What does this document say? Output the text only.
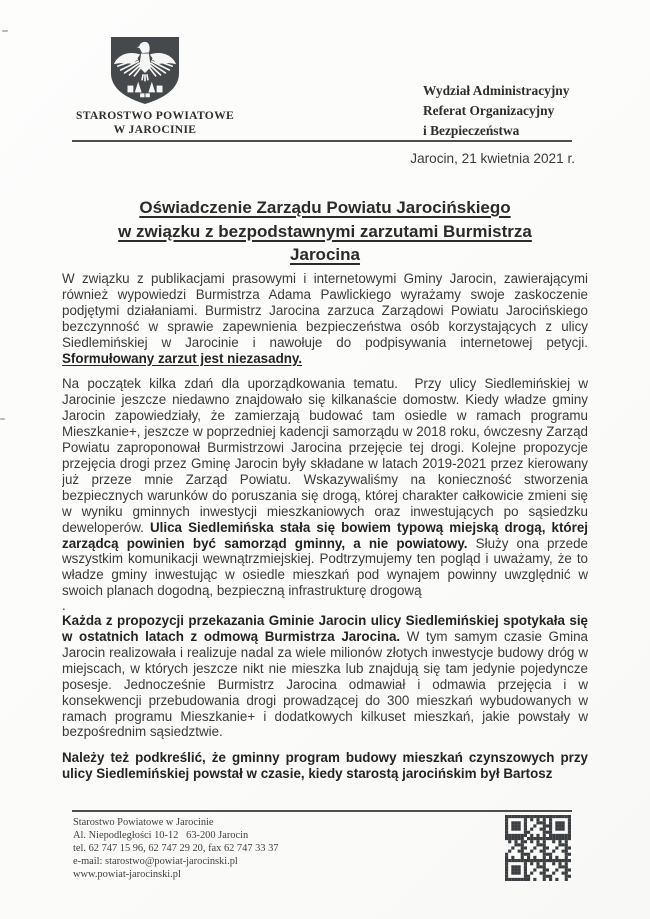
STAROSTWO POWIATOWE
W JAROCINIE
Wydział Administracyjny
Referat Organizacyjny
i Bezpieczeństwa
Jarocin, 21 kwietnia 2021 r.
Oświadczenie Zarządu Powiatu Jarocińskiego
w związku z bezpodstawnymi zarzutami Burmistrza
Jarocina

W związku z publikacjami prasowymi i internetowymi Gminy Jarocin, zawierającymi również wypowiedzi Burmistrza Adama Pawlickiego wyrażamy swoje zaskoczenie podjętymi działaniami. Burmistrz Jarocina zarzuca Zarządowi Powiatu Jarocińskiego bezczynność w sprawie zapewnienia bezpieczeństwa osób korzystających z ulicy Siedlemińskiej w Jarocinie i nawołuje do podpisywania internetowej petycji. Sformułowany zarzut jest niezasadny.

Na początek kilka zdań dla uporządkowania tematu.  Przy ulicy Siedlemińskiej w Jarocinie jeszcze niedawno znajdowało się kilkanaście domostw. Kiedy władze gminy Jarocin zapowiedziały, że zamierzają budować tam osiedle w ramach programu Mieszkanie+, jeszcze w poprzedniej kadencji samorządu w 2018 roku, ówczesny Zarząd Powiatu zaproponował Burmistrzowi Jarocina przejęcie tej drogi. Kolejne propozycje przejęcia drogi przez Gminę Jarocin były składane w latach 2019-2021 przez kierowany już przeze mnie Zarząd Powiatu. Wskazywaliśmy na konieczność stworzenia bezpiecznych warunków do poruszania się drogą, której charakter całkowicie zmieni się w wyniku gminnych inwestycji mieszkaniowych oraz inwestujących po sąsiedzku deweloperów. Ulica Siedlemińska stała się bowiem typową miejską drogą, której zarządcą powinien być samorząd gminny, a nie powiatowy. Służy ona przede wszystkim komunikacji wewnątrzmiejskiej. Podtrzymujemy ten pogląd i uważamy, że to władze gminy inwestując w osiedle mieszkań pod wynajem powinny uwzględnić w swoich planach dogodną, bezpieczną infrastrukturę drogową

.

Każda z propozycji przekazania Gminie Jarocin ulicy Siedlemińskiej spotykała się w ostatnich latach z odmową Burmistrza Jarocina. W tym samym czasie Gmina Jarocin realizowała i realizuje nadal za wiele milionów złotych inwestycje budowy dróg w miejscach, w których jeszcze nikt nie mieszka lub znajdują się tam jedynie pojedyncze posesje. Jednocześnie Burmistrz Jarocina odmawiał i odmawia przejęcia i w konsekwencji przebudowania drogi prowadzącej do 300 mieszkań wybudowanych w ramach programu Mieszkanie+ i dodatkowych kilkuset mieszkań, jakie powstały w bezpośrednim sąsiedztwie.

Należy też podkreślić, że gminny program budowy mieszkań czynszowych przy ulicy Siedlemińskiej powstał w czasie, kiedy starostą jarocińskim był Bartosz

Starostwo Powiatowe w Jarocinie
Al. Niepodległości 10-12   63-200 Jarocin
tel. 62 747 15 96, 62 747 29 20, fax 62 747 33 37
e-mail: starostwo@powiat-jarocinski.pl
www.powiat-jarocinski.pl
